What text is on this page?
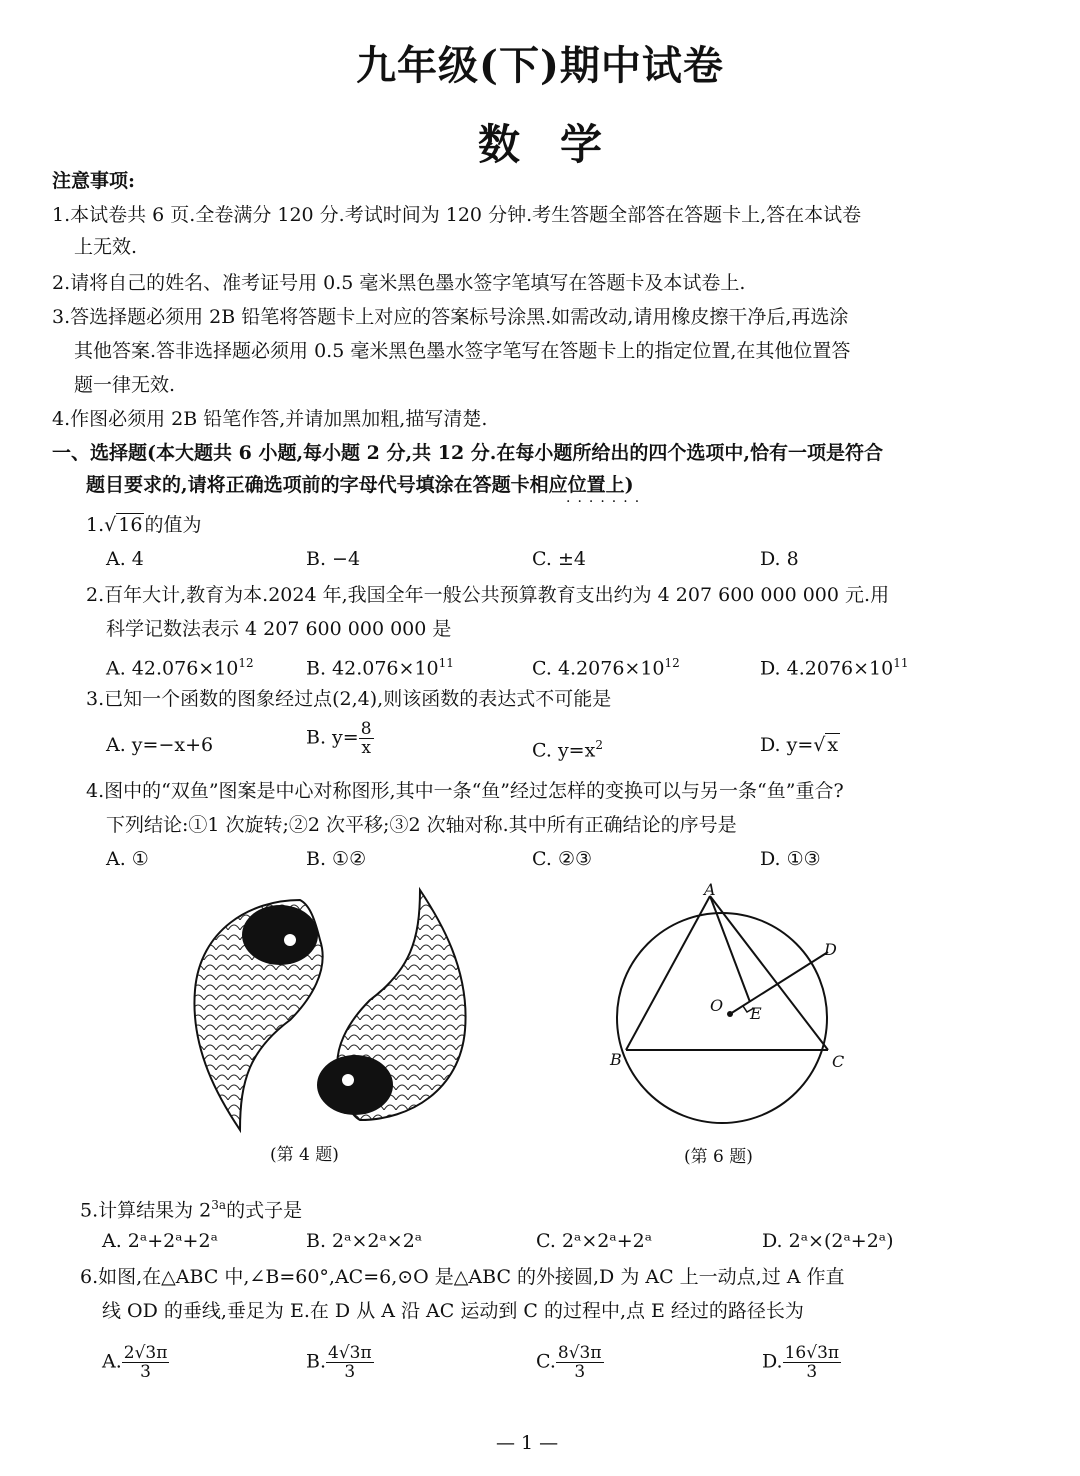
九年级(下)期中试卷
数学
注意事项:
1.本试卷共 6 页.全卷满分 120 分.考试时间为 120 分钟.考生答题全部答在答题卡上,答在本试卷
上无效.
2.请将自己的姓名、准考证号用 0.5 毫米黑色墨水签字笔填写在答题卡及本试卷上.
3.答选择题必须用 2B 铅笔将答题卡上对应的答案标号涂黑.如需改动,请用橡皮擦干净后,再选涂
其他答案.答非选择题必须用 0.5 毫米黑色墨水签字笔写在答题卡上的指定位置,在其他位置答
题一律无效.
4.作图必须用 2B 铅笔作答,并请加黑加粗,描写清楚.
一、选择题(本大题共 6 小题,每小题 2 分,共 12 分.在每小题所给出的四个选项中,恰有一项是符合
题目要求的,请将正确选项前的字母代号填涂在答题卡相应位置上)
·······
1.√ 16 的值为
A. 4	B. −4	C. ±4	D. 8
2.百年大计,教育为本.2024 年,我国全年一般公共预算教育支出约为 4 207 600 000 000 元.用
科学记数法表示 4 207 600 000 000 是
A. $42.076\times 10^{12}$	B. $42.076\times 10^{11}$	C. $4.2076\times 10^{12}$	D. $4.2076\times 10^{11}$
3.已知一个函数的图象经过点(2,4),则该函数的表达式不可能是
A. y=−x+6	B. $y= \frac{8}{x}$	C. $y=x^2$	D. y=√ x
4.图中的“双鱼”图案是中心对称图形,其中一条“鱼”经过怎样的变换可以与另一条“鱼”重合?
下列结论:①1 次旋转;②2 次平移;③2 次轴对称.其中所有正确结论的序号是
A. ①	B. ①②	C. ②③	D. ①③
(第 4 题)
A
B	C
D
O E
(第 6 题)
5.计算结果为 $2^{3a}$的式子是
A. 2ᵃ+2ᵃ+2ᵃ	B. 2ᵃ×2ᵃ×2ᵃ	C. 2ᵃ×2ᵃ+2ᵃ	D. 2ᵃ×(2ᵃ+2ᵃ)
6.如图,在△ABC 中,∠B=60°,AC=6,⊙O 是△ABC 的外接圆,D 为 AC 上一动点,过 A 作直
线 OD 的垂线,垂足为 E.在 D 从 A 沿 AC 运动到 C 的过程中,点 E 经过的路径长为
A. $\frac{2√3\pi}{3}$	B. $\frac{4√3\pi}{3}$	C. $\frac{8√3\pi}{3}$	D. $\frac{16√3\pi}{3}$
— 1 —
